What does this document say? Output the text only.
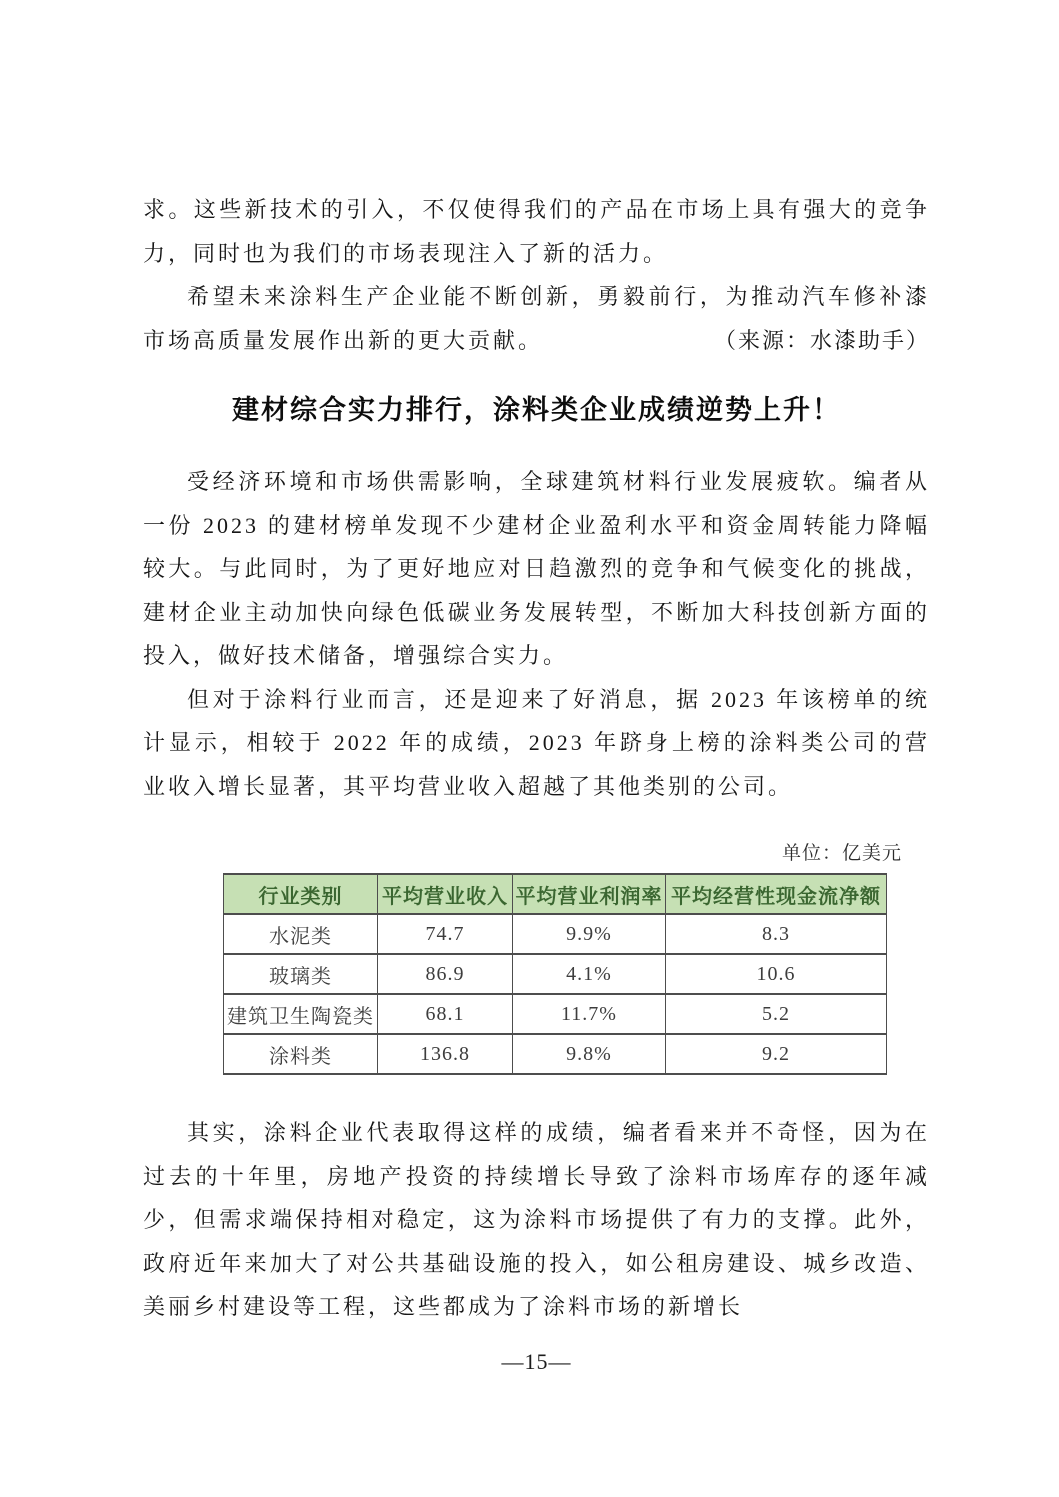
求。这些新技术的引入，不仅使得我们的产品在市场上具有强大的竞争力，同时也为我们的市场表现注入了新的活力。

希望未来涂料生产企业能不断创新，勇毅前行，为推动汽车修补漆市场高质量发展作出新的更大贡献。	（来源：水漆助手）

建材综合实力排行，涂料类企业成绩逆势上升！

受经济环境和市场供需影响，全球建筑材料行业发展疲软。编者从一份 2023 的建材榜单发现不少建材企业盈利水平和资金周转能力降幅较大。与此同时，为了更好地应对日趋激烈的竞争和气候变化的挑战，建材企业主动加快向绿色低碳业务发展转型，不断加大科技创新方面的投入，做好技术储备，增强综合实力。

但对于涂料行业而言，还是迎来了好消息，据 2023 年该榜单的统计显示，相较于 2022 年的成绩，2023 年跻身上榜的涂料类公司的营业收入增长显著，其平均营业收入超越了其他类别的公司。

单位：亿美元
行业类别	平均营业收入	平均营业利润率	平均经营性现金流净额
水泥类	74.7	9.9%	8.3
玻璃类	86.9	4.1%	10.6
建筑卫生陶瓷类	68.1	11.7%	5.2
涂料类	136.8	9.8%	9.2

其实，涂料企业代表取得这样的成绩，编者看来并不奇怪，因为在过去的十年里，房地产投资的持续增长导致了涂料市场库存的逐年减少，但需求端保持相对稳定，这为涂料市场提供了有力的支撑。此外，政府近年来加大了对公共基础设施的投入，如公租房建设、城乡改造、美丽乡村建设等工程，这些都成为了涂料市场的新增长

—15—
